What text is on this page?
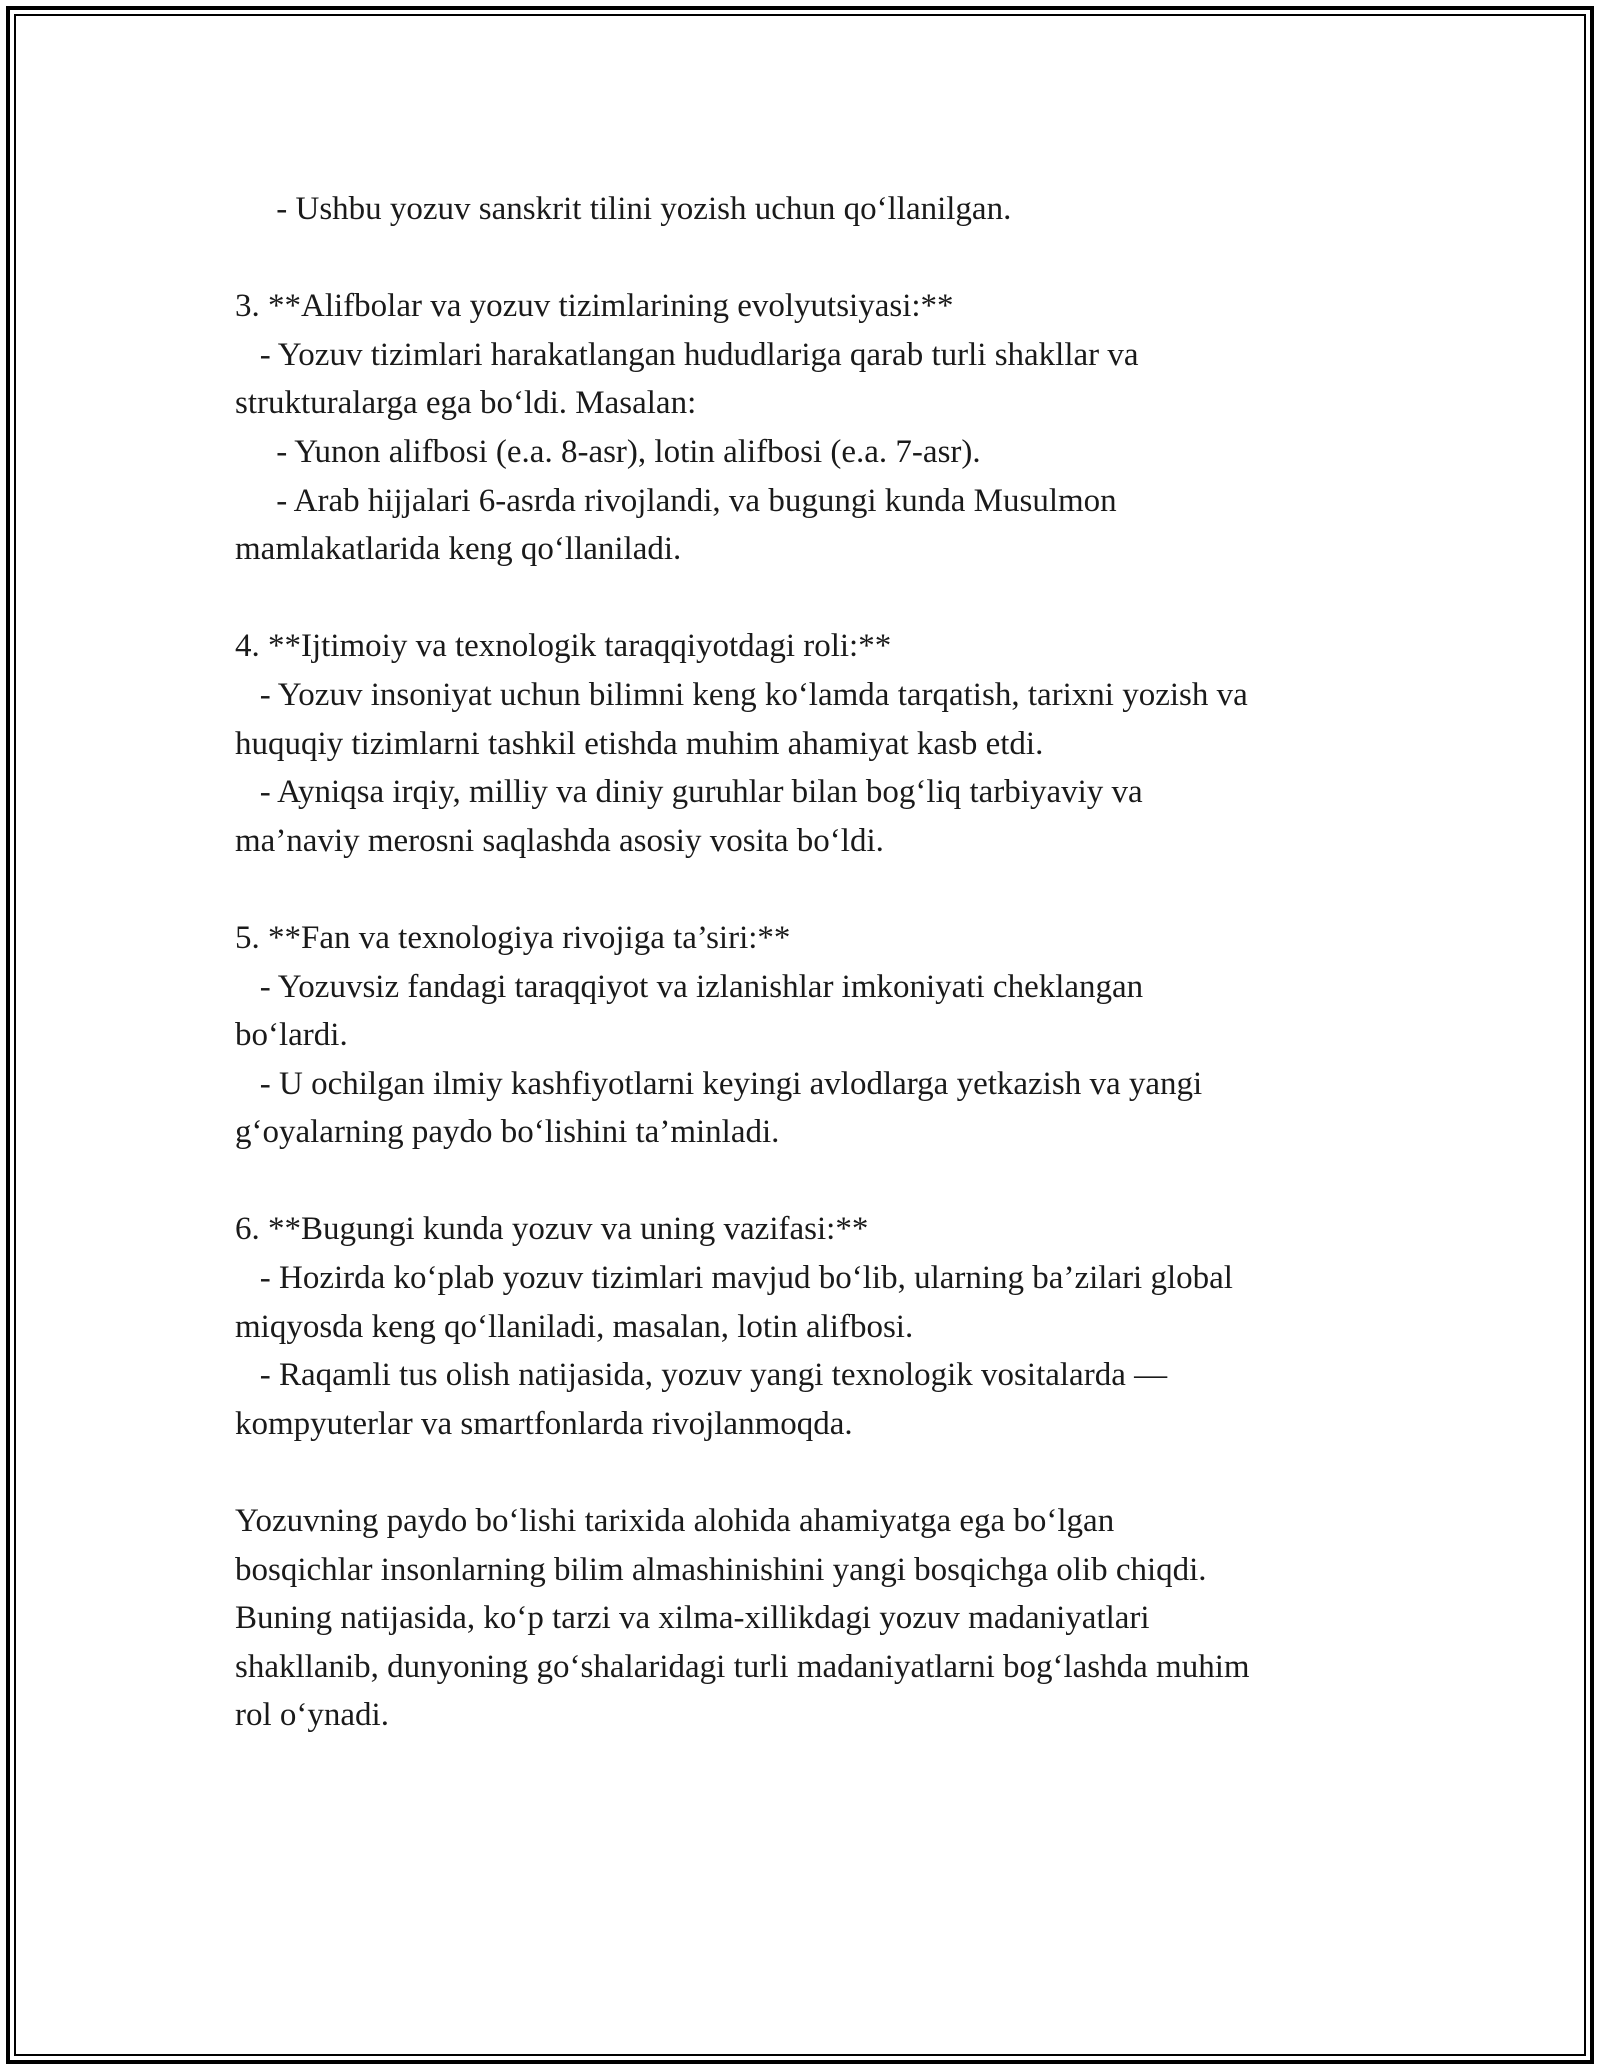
- Ushbu yozuv sanskrit tilini yozish uchun qo‘llanilgan.
3. **Alifbolar va yozuv tizimlarining evolyutsiyasi:**
- Yozuv tizimlari harakatlangan hududlariga qarab turli shakllar va
strukturalarga ega bo‘ldi. Masalan:
- Yunon alifbosi (e.a. 8-asr), lotin alifbosi (e.a. 7-asr).
- Arab hijjalari 6-asrda rivojlandi, va bugungi kunda Musulmon
mamlakatlarida keng qo‘llaniladi.
4. **Ijtimoiy va texnologik taraqqiyotdagi roli:**
- Yozuv insoniyat uchun bilimni keng ko‘lamda tarqatish, tarixni yozish va
huquqiy tizimlarni tashkil etishda muhim ahamiyat kasb etdi.
- Ayniqsa irqiy, milliy va diniy guruhlar bilan bog‘liq tarbiyaviy va
ma’naviy merosni saqlashda asosiy vosita bo‘ldi.
5. **Fan va texnologiya rivojiga ta’siri:**
- Yozuvsiz fandagi taraqqiyot va izlanishlar imkoniyati cheklangan
bo‘lardi.
- U ochilgan ilmiy kashfiyotlarni keyingi avlodlarga yetkazish va yangi
g‘oyalarning paydo bo‘lishini ta’minladi.
6. **Bugungi kunda yozuv va uning vazifasi:**
- Hozirda ko‘plab yozuv tizimlari mavjud bo‘lib, ularning ba’zilari global
miqyosda keng qo‘llaniladi, masalan, lotin alifbosi.
- Raqamli tus olish natijasida, yozuv yangi texnologik vositalarda —
kompyuterlar va smartfonlarda rivojlanmoqda.
Yozuvning paydo bo‘lishi tarixida alohida ahamiyatga ega bo‘lgan
bosqichlar insonlarning bilim almashinishini yangi bosqichga olib chiqdi.
Buning natijasida, ko‘p tarzi va xilma-xillikdagi yozuv madaniyatlari
shakllanib, dunyoning go‘shalaridagi turli madaniyatlarni bog‘lashda muhim
rol o‘ynadi.
